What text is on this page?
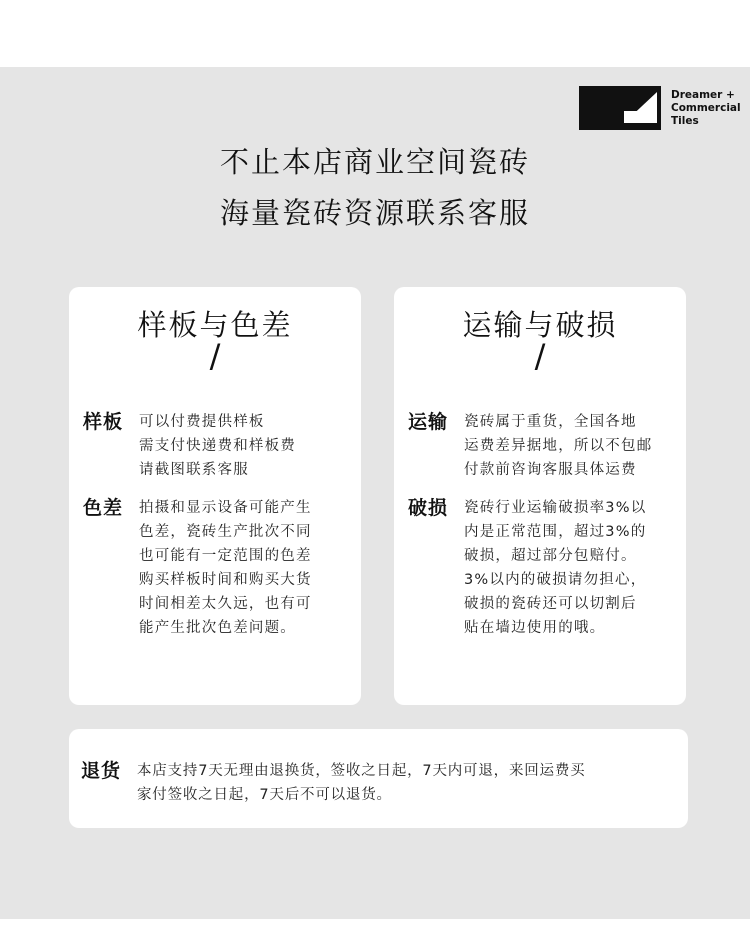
Dreamer +
Commercial
Tiles
不止本店商业空间瓷砖
海量瓷砖资源联系客服
样板与色差
/
样板	可以付费提供样板
需支付快递费和样板费
请截图联系客服
色差	拍摄和显示设备可能产生
色差，瓷砖生产批次不同
也可能有一定范围的色差
购买样板时间和购买大货
时间相差太久远，也有可
能产生批次色差问题。
运输与破损
/
运输	瓷砖属于重货，全国各地
运费差异据地，所以不包邮
付款前咨询客服具体运费
破损	瓷砖行业运输破损率3%以
内是正常范围，超过3%的
破损，超过部分包赔付。
3%以内的破损请勿担心，
破损的瓷砖还可以切割后
贴在墙边使用的哦。
退货	本店支持7天无理由退换货，签收之日起，7天内可退，来回运费买
家付签收之日起，7天后不可以退货。
